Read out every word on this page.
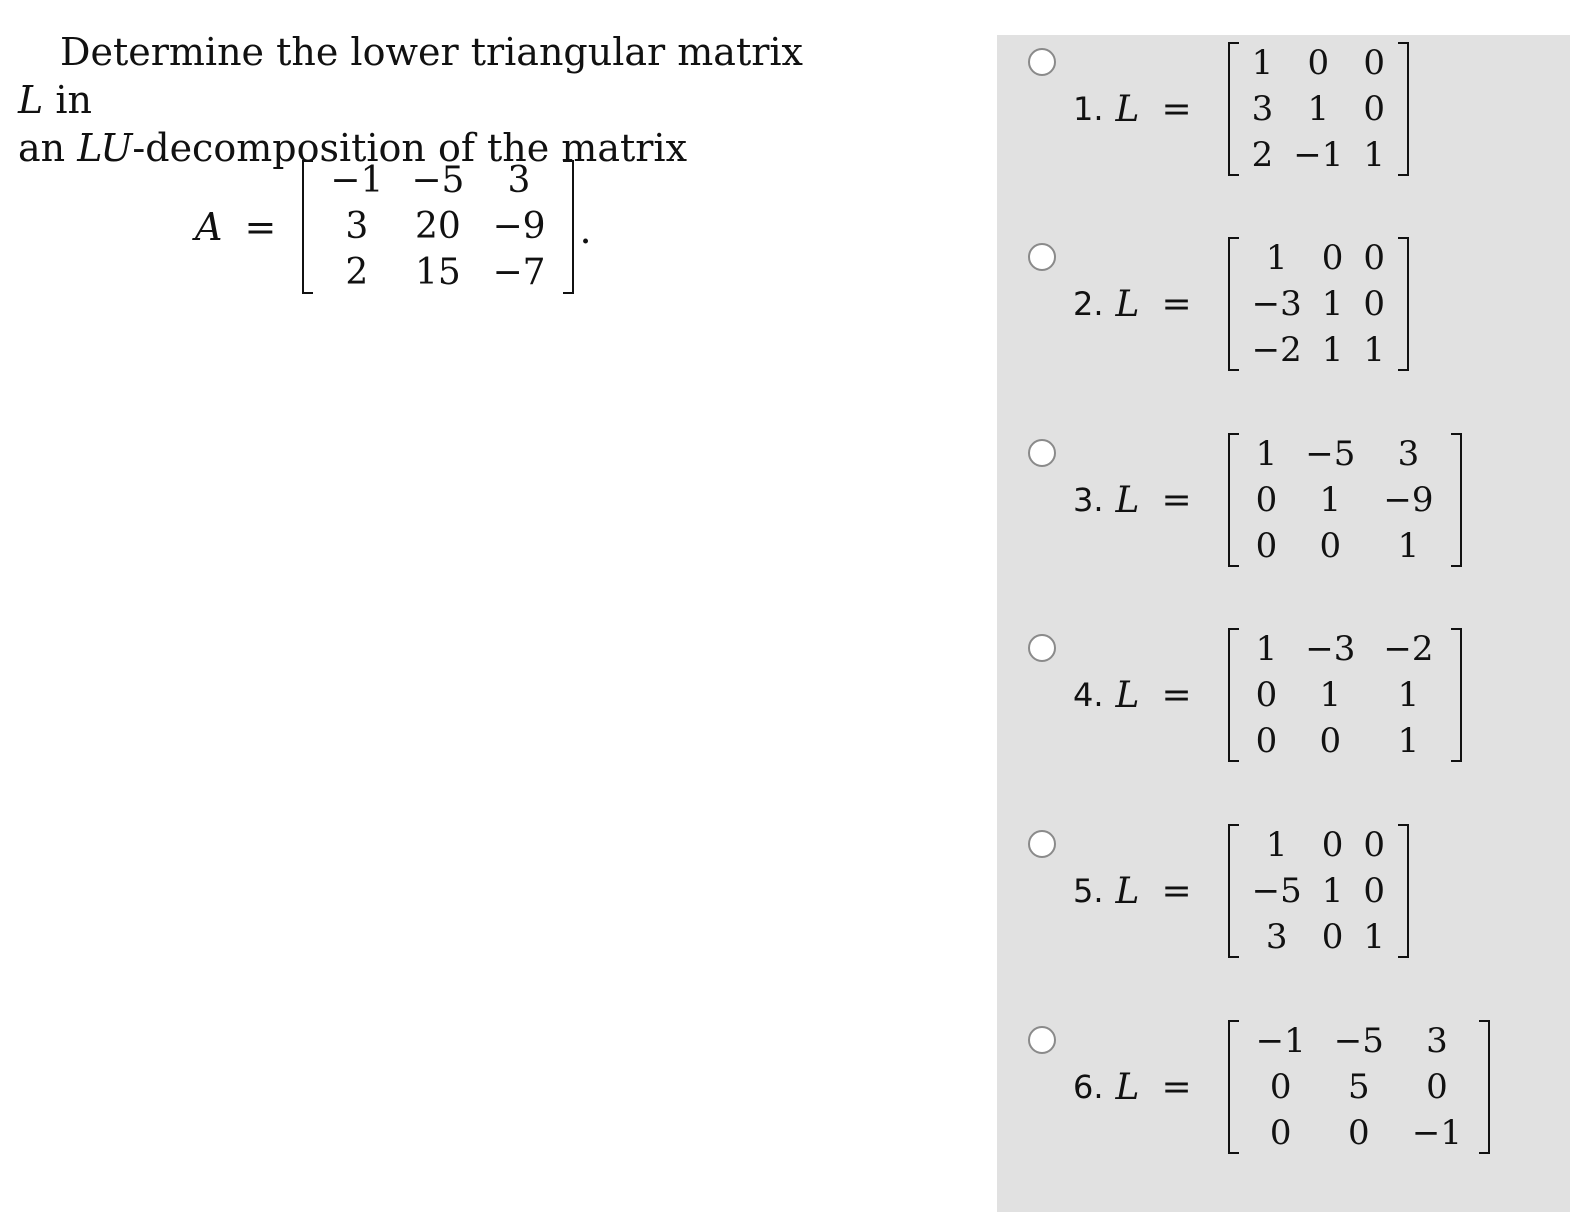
Determine the lower triangular matrix L in

an LU-decomposition of the matrix

A =
−1	−5	3
3	20	−9
2	15	−7
.
1. L =
1	0	0
3	1	0
2	−1	1
2. L =
1	0	0
−3	1	0
−2	1	1
3. L =
1	−5	3
0	1	−9
0	0	1
4. L =
1	−3	−2
0	1	1
0	0	1
5. L =
1	0	0
−5	1	0
3	0	1
6. L =
−1	−5	3
0	5	0
0	0	−1
